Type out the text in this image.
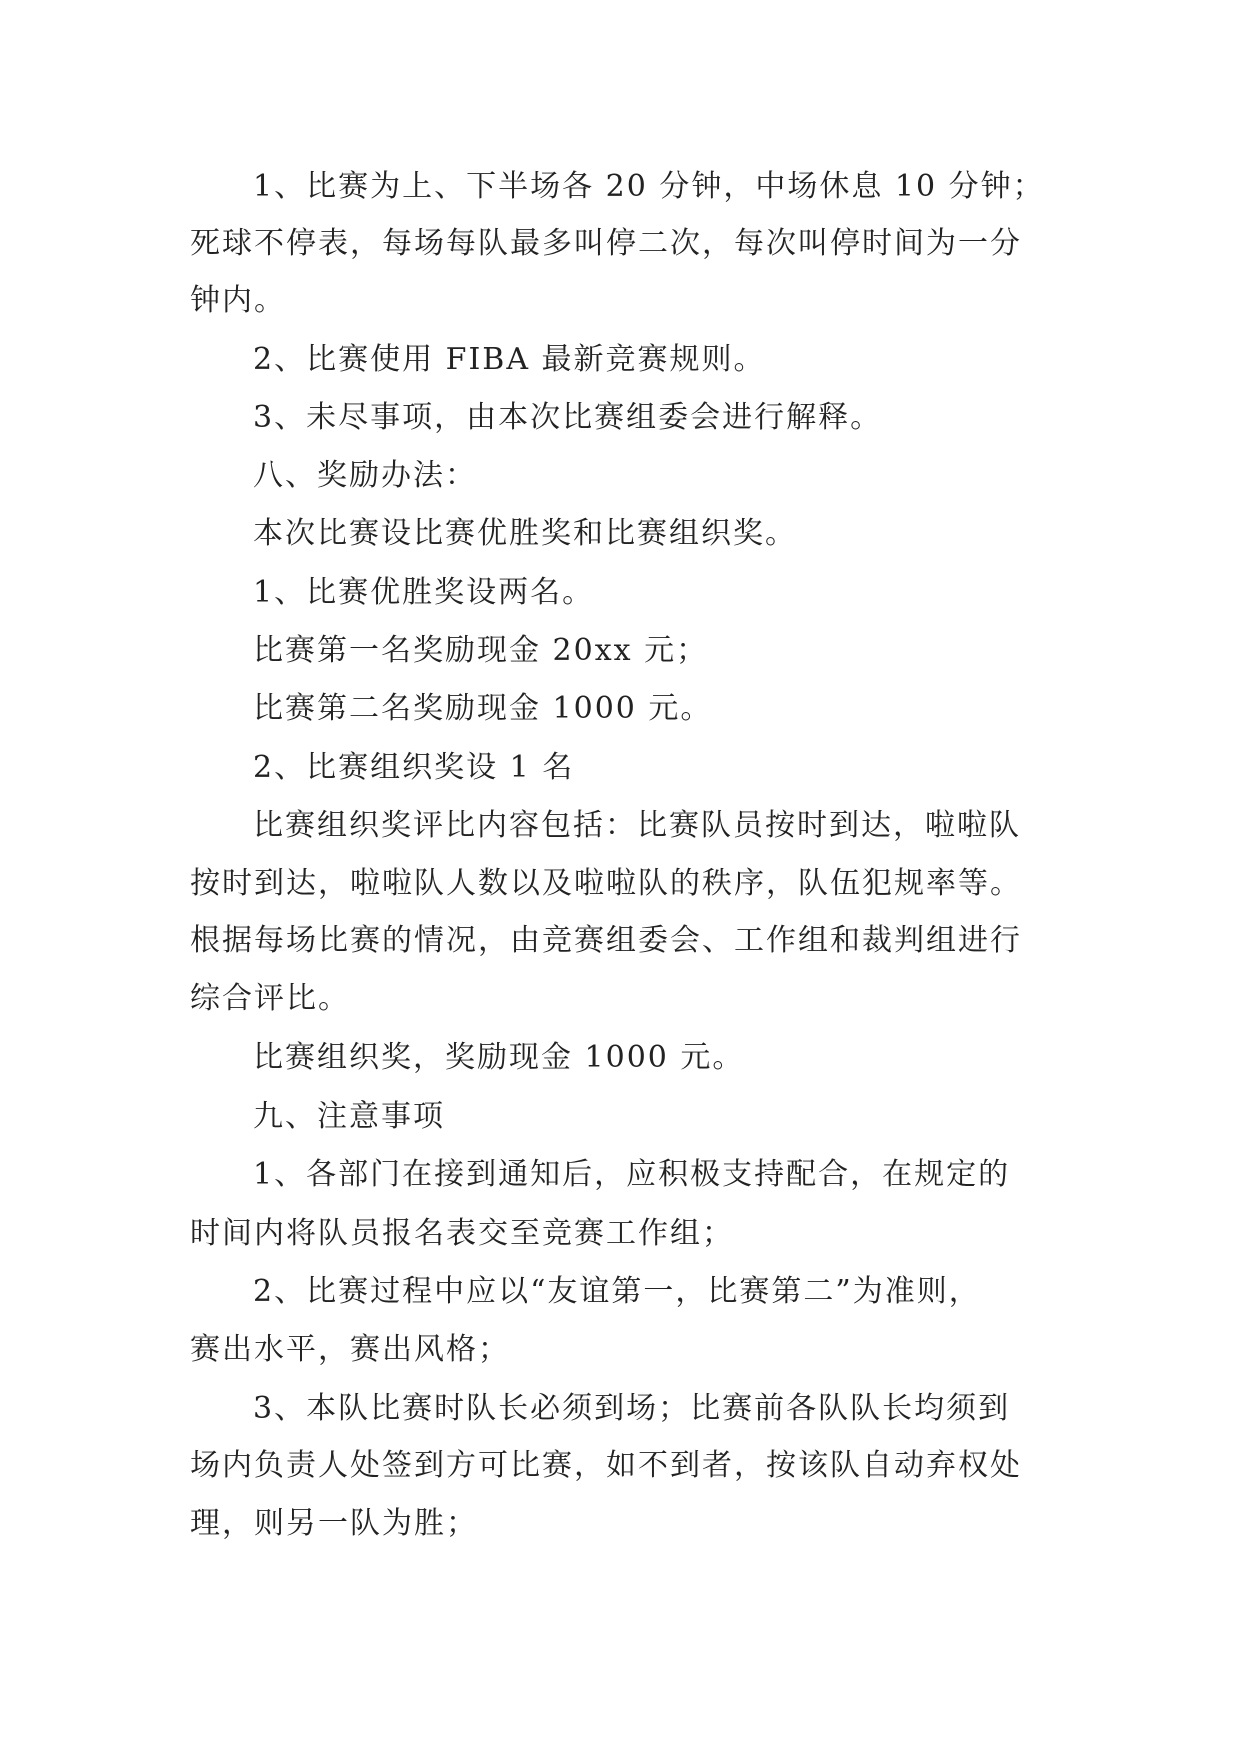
1、比赛为上、下半场各 20 分钟，中场休息 10 分钟；
死球不停表，每场每队最多叫停二次，每次叫停时间为一分
钟内。
2、比赛使用 FIBA 最新竞赛规则。
3、未尽事项，由本次比赛组委会进行解释。
八、奖励办法：
本次比赛设比赛优胜奖和比赛组织奖。
1、比赛优胜奖设两名。
比赛第一名奖励现金 20xx 元；
比赛第二名奖励现金 1000 元。
2、比赛组织奖设 1 名
比赛组织奖评比内容包括：比赛队员按时到达，啦啦队
按时到达，啦啦队人数以及啦啦队的秩序，队伍犯规率等。
根据每场比赛的情况，由竞赛组委会、工作组和裁判组进行
综合评比。
比赛组织奖，奖励现金 1000 元。
九、注意事项
1、各部门在接到通知后，应积极支持配合，在规定的
时间内将队员报名表交至竞赛工作组；
2、比赛过程中应以“友谊第一，比赛第二”为准则，
赛出水平，赛出风格；
3、本队比赛时队长必须到场；比赛前各队队长均须到
场内负责人处签到方可比赛，如不到者，按该队自动弃权处
理，则另一队为胜；
